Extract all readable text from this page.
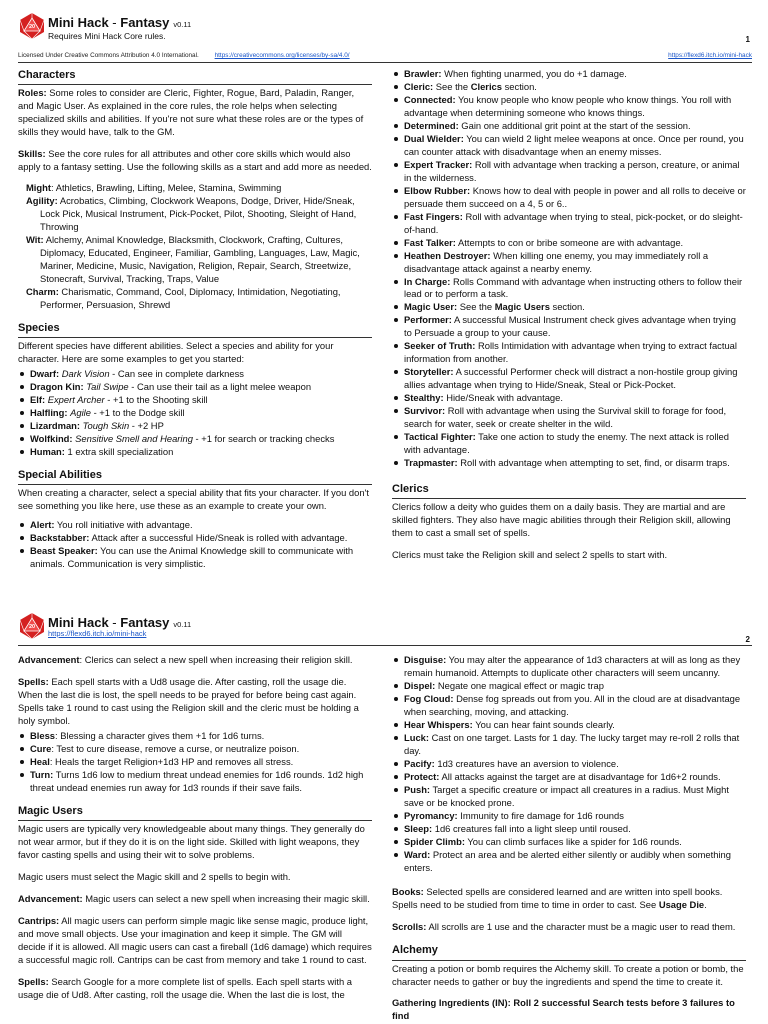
20 Mini Hack - Fantasy v0.11
Requires Mini Hack Core rules.	1
Licensed Under Creative Commons Attribution 4.0 International. https://creativecommons.org/licenses/by-sa/4.0/	https://flexd6.itch.io/mini-hack
Characters

Roles: Some roles to consider are Cleric, Fighter, Rogue, Bard, Paladin, Ranger, and Magic User. As explained in the core rules, the role helps when selecting specialized skills and abilities. If you're not sure what these roles are or the types of skills they would have, talk to the GM.

Skills: See the core rules for all attributes and other core skills which would also apply to a fantasy setting. Use the following skills as a start and add more as needed.

Might: Athletics, Brawling, Lifting, Melee, Stamina, Swimming
Agility: Acrobatics, Climbing, Clockwork Weapons, Dodge, Driver, Hide/Sneak, Lock Pick, Musical Instrument, Pick-Pocket, Pilot, Shooting, Sleight of Hand, Throwing
Wit: Alchemy, Animal Knowledge, Blacksmith, Clockwork, Crafting, Cultures, Diplomacy, Educated, Engineer, Familiar, Gambling, Languages, Law, Magic, Mariner, Medicine, Music, Navigation, Religion, Repair, Search, Streetwize, Stonecraft, Survival, Tracking, Traps, Value
Charm: Charismatic, Command, Cool, Diplomacy, Intimidation, Negotiating, Performer, Persuasion, Shrewd
Species

Different species have different abilities. Select a species and ability for your character. Here are some examples to get you started:

Dwarf: Dark Vision - Can see in complete darkness
Dragon Kin: Tail Swipe - Can use their tail as a light melee weapon
Elf: Expert Archer - +1 to the Shooting skill
Halfling: Agile - +1 to the Dodge skill
Lizardman: Tough Skin - +2 HP
Wolfkind: Sensitive Smell and Hearing - +1 for search or tracking checks
Human: 1 extra skill specialization
Special Abilities

When creating a character, select a special ability that fits your character. If you don't see something you like here, use these as an example to create your own.

Alert: You roll initiative with advantage.
Backstabber: Attack after a successful Hide/Sneak is rolled with advantage.
Beast Speaker: You can use the Animal Knowledge skill to communicate with animals. Communication is very simplistic.
Brawler: When fighting unarmed, you do +1 damage.
Cleric: See the Clerics section.
Connected: You know people who know people who know things. You roll with advantage when determining someone who knows things.
Determined: Gain one additional grit point at the start of the session.
Dual Wielder: You can wield 2 light melee weapons at once. Once per round, you can counter attack with disadvantage when an enemy misses.
Expert Tracker: Roll with advantage when tracking a person, creature, or animal in the wilderness.
Elbow Rubber: Knows how to deal with people in power and all rolls to deceive or persuade them succeed on a 4, 5 or 6..
Fast Fingers: Roll with advantage when trying to steal, pick-pocket, or do sleight-of-hand.
Fast Talker: Attempts to con or bribe someone are with advantage.
Heathen Destroyer: When killing one enemy, you may immediately roll a disadvantage attack against a nearby enemy.
In Charge: Rolls Command with advantage when instructing others to follow their lead or to perform a task.
Magic User: See the Magic Users section.
Performer: A successful Musical Instrument check gives advantage when trying to Persuade a group to your cause.
Seeker of Truth: Rolls Intimidation with advantage when trying to extract factual information from another.
Storyteller: A successful Performer check will distract a non-hostile group giving allies advantage when trying to Hide/Sneak, Steal or Pick-Pocket.
Stealthy: Hide/Sneak with advantage.
Survivor: Roll with advantage when using the Survival skill to forage for food, search for water, seek or create shelter in the wild.
Tactical Fighter: Take one action to study the enemy. The next attack is rolled with advantage.
Trapmaster: Roll with advantage when attempting to set, find, or disarm traps.
Clerics

Clerics follow a deity who guides them on a daily basis. They are martial and are skilled fighters. They also have magic abilities through their Religion skill, allowing them to cast a small set of spells.

Clerics must take the Religion skill and select 2 spells to start with.

20 Mini Hack - Fantasy v0.11
https://flexd6.itch.io/mini-hack
2

Advancement: Clerics can select a new spell when increasing their religion skill.

Spells: Each spell starts with a Ud8 usage die. After casting, roll the usage die. When the last die is lost, the spell needs to be prayed for before being cast again. Spells take 1 round to cast using the Religion skill and the cleric must be holding a holy symbol.

Bless: Blessing a character gives them +1 for 1d6 turns.
Cure: Test to cure disease, remove a curse, or neutralize poison.
Heal: Heals the target Religion+1d3 HP and removes all stress.
Turn: Turns 1d6 low to medium threat undead enemies for 1d6 rounds. 1d2 high threat undead enemies run away for 1d3 rounds if their save fails.
Magic Users

Magic users are typically very knowledgeable about many things. They generally do not wear armor, but if they do it is on the light side. Skilled with light weapons, they favor casting spells and using their wit to solve problems.

Magic users must select the Magic skill and 2 spells to begin with.

Advancement: Magic users can select a new spell when increasing their magic skill.

Cantrips: All magic users can perform simple magic like sense magic, produce light, and move small objects. Use your imagination and keep it simple. The GM will decide if it is allowed. All magic users can cast a fireball (1d6 damage) which requires a successful magic roll. Cantrips can be cast from memory and take 1 round to cast.

Spells: Search Google for a more complete list of spells. Each spell starts with a usage die of Ud8. After casting, roll the usage die. When the last die is lost, the

Disguise: You may alter the appearance of 1d3 characters at will as long as they remain humanoid. Attempts to duplicate other characters will seem uncanny.
Dispel: Negate one magical effect or magic trap
Fog Cloud: Dense fog spreads out from you. All in the cloud are at disadvantage when searching, moving, and attacking.
Hear Whispers: You can hear faint sounds clearly.
Luck: Cast on one target. Lasts for 1 day. The lucky target may re-roll 2 rolls that day.
Pacify: 1d3 creatures have an aversion to violence.
Protect: All attacks against the target are at disadvantage for 1d6+2 rounds.
Push: Target a specific creature or impact all creatures in a radius. Must Might save or be knocked prone.
Pyromancy: Immunity to fire damage for 1d6 rounds
Sleep: 1d6 creatures fall into a light sleep until roused.
Spider Climb: You can climb surfaces like a spider for 1d6 rounds.
Ward: Protect an area and be alerted either silently or audibly when something enters.

Books: Selected spells are considered learned and are written into spell books. Spells need to be studied from time to time in order to cast. See Usage Die.

Scrolls: All scrolls are 1 use and the character must be a magic user to read them.

Alchemy

Creating a potion or bomb requires the Alchemy skill. To create a potion or bomb, the character needs to gather or buy the ingredients and spend the time to create it.

Gathering Ingredients (IN): Roll 2 successful Search tests before 3 failures to find
